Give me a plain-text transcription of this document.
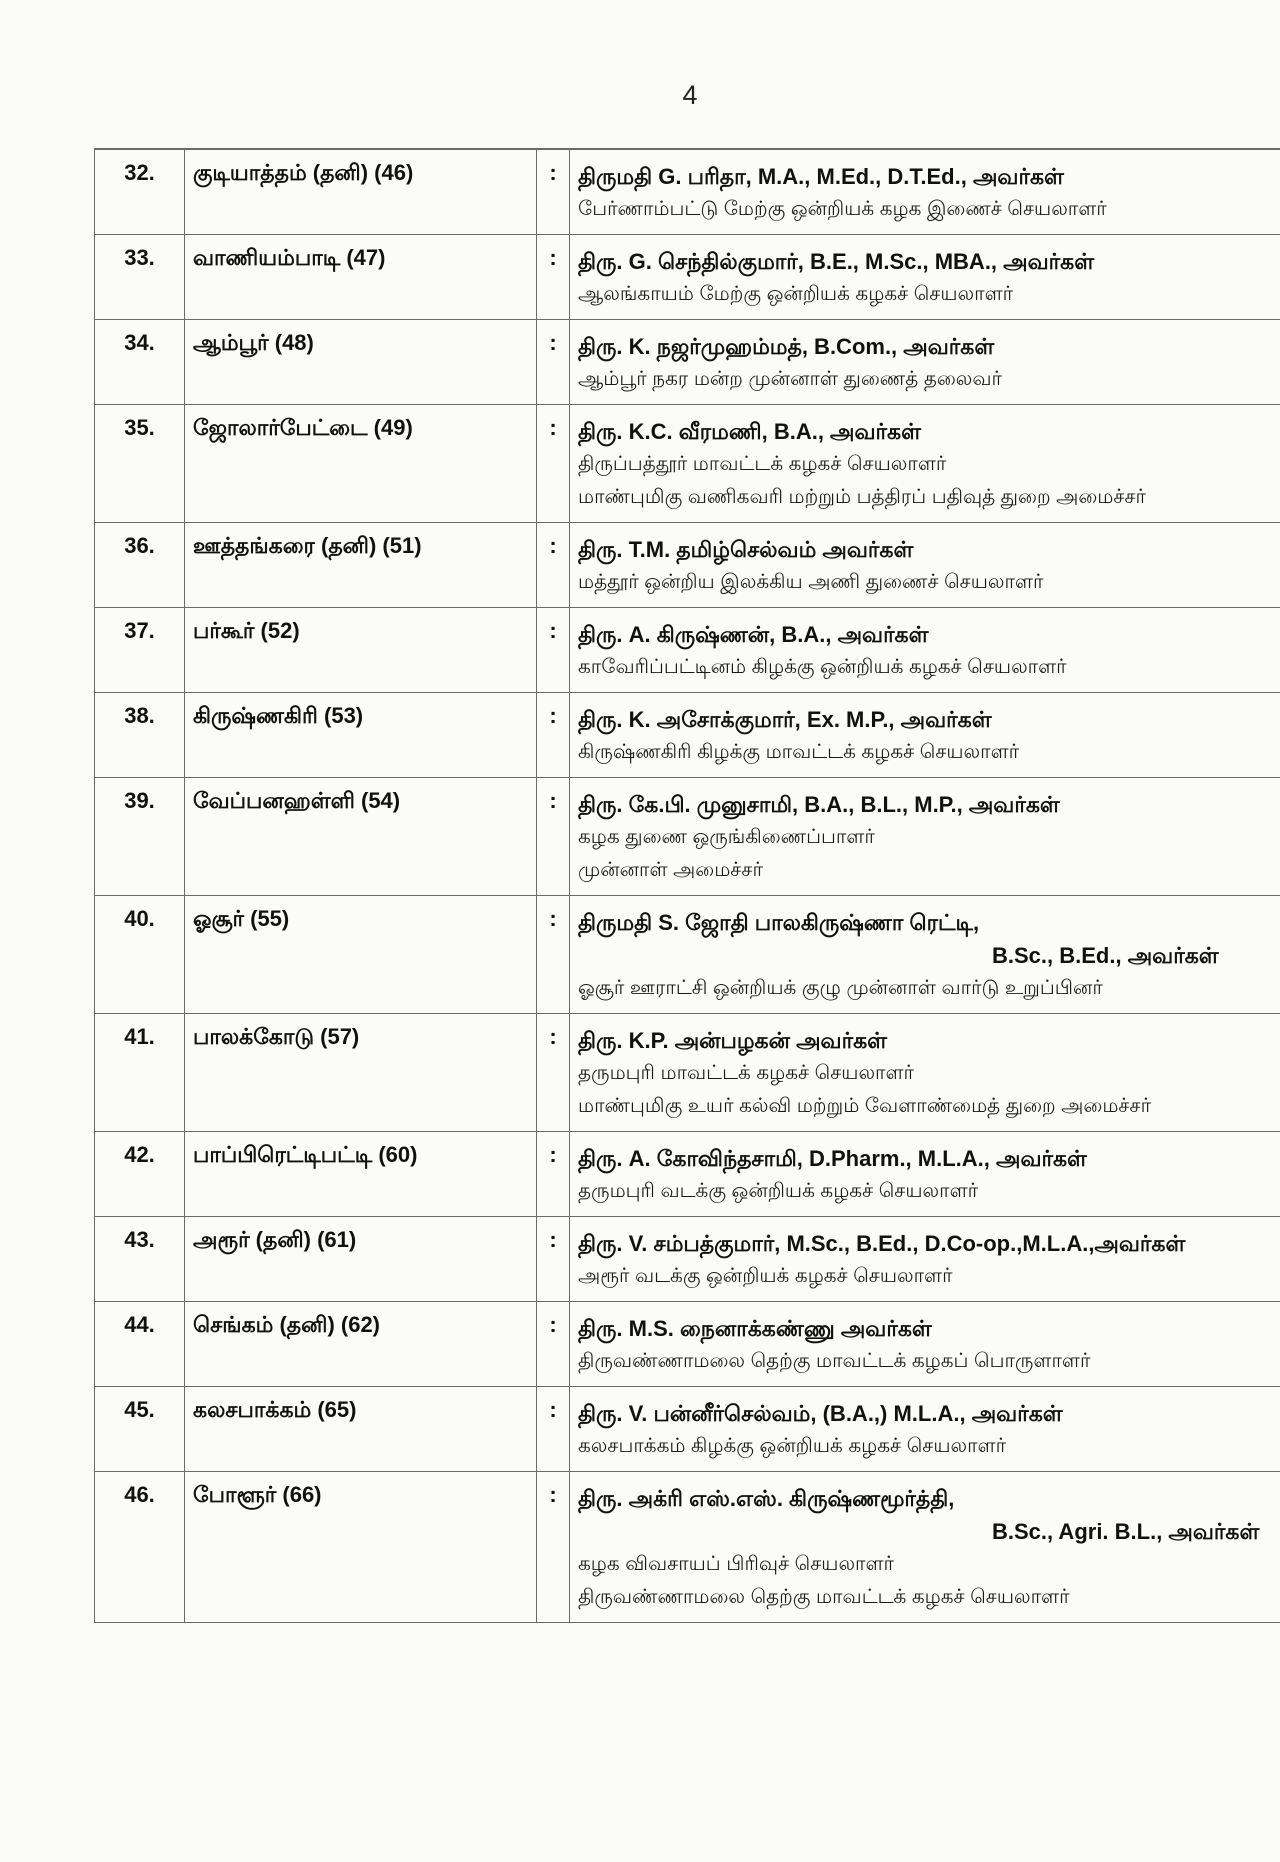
4
32.	குடியாத்தம் (தனி) (46)	:	திருமதி G. பரிதா, M.A., M.Ed., D.T.Ed., அவர்கள்
பேர்ணாம்பட்டு மேற்கு ஒன்றியக் கழக இணைச் செயலாளர்

33.	வாணியம்பாடி (47)	:	திரு. G. செந்தில்குமார், B.E., M.Sc., MBA., அவர்கள்
ஆலங்காயம் மேற்கு ஒன்றியக் கழகச் செயலாளர்

34.	ஆம்பூர் (48)	:	திரு. K. நஜர்முஹம்மத், B.Com., அவர்கள்
ஆம்பூர் நகர மன்ற முன்னாள் துணைத் தலைவர்

35.	ஜோலார்பேட்டை (49)	:	திரு. K.C. வீரமணி, B.A., அவர்கள்
திருப்பத்தூர் மாவட்டக் கழகச் செயலாளர்
மாண்புமிகு வணிகவரி மற்றும் பத்திரப் பதிவுத் துறை அமைச்சர்

36.	ஊத்தங்கரை (தனி) (51)	:	திரு. T.M. தமிழ்செல்வம் அவர்கள்
மத்தூர் ஒன்றிய இலக்கிய அணி துணைச் செயலாளர்

37.	பர்கூர் (52)	:	திரு. A. கிருஷ்ணன், B.A., அவர்கள்
காவேரிப்பட்டினம் கிழக்கு ஒன்றியக் கழகச் செயலாளர்

38.	கிருஷ்ணகிரி (53)	:	திரு. K. அசோக்குமார், Ex. M.P., அவர்கள்
கிருஷ்ணகிரி கிழக்கு மாவட்டக் கழகச் செயலாளர்

39.	வேப்பனஹள்ளி (54)	:	திரு. கே.பி. முனுசாமி, B.A., B.L., M.P., அவர்கள்
கழக துணை ஒருங்கிணைப்பாளர்
முன்னாள் அமைச்சர்

40.	ஓசூர் (55)	:	திருமதி S. ஜோதி பாலகிருஷ்ணா ரெட்டி,
B.Sc., B.Ed., அவர்கள்
ஓசூர் ஊராட்சி ஒன்றியக் குழு முன்னாள் வார்டு உறுப்பினர்

41.	பாலக்கோடு (57)	:	திரு. K.P. அன்பழகன் அவர்கள்
தருமபுரி மாவட்டக் கழகச் செயலாளர்
மாண்புமிகு உயர் கல்வி மற்றும் வேளாண்மைத் துறை அமைச்சர்

42.	பாப்பிரெட்டிபட்டி (60)	:	திரு. A. கோவிந்தசாமி, D.Pharm., M.L.A., அவர்கள்
தருமபுரி வடக்கு ஒன்றியக் கழகச் செயலாளர்

43.	அரூர் (தனி) (61)	:	திரு. V. சம்பத்குமார், M.Sc., B.Ed., D.Co-op.,M.L.A.,அவர்கள்
அரூர் வடக்கு ஒன்றியக் கழகச் செயலாளர்

44.	செங்கம் (தனி) (62)	:	திரு. M.S. நைனாக்கண்ணு அவர்கள்
திருவண்ணாமலை தெற்கு மாவட்டக் கழகப் பொருளாளர்

45.	கலசபாக்கம் (65)	:	திரு. V. பன்னீர்செல்வம், (B.A.,) M.L.A., அவர்கள்
கலசபாக்கம் கிழக்கு ஒன்றியக் கழகச் செயலாளர்

46.	போளூர் (66)	:	திரு. அக்ரி எஸ்.எஸ். கிருஷ்ணமூர்த்தி,
B.Sc., Agri. B.L., அவர்கள்
கழக விவசாயப் பிரிவுச் செயலாளர்
திருவண்ணாமலை தெற்கு மாவட்டக் கழகச் செயலாளர்
